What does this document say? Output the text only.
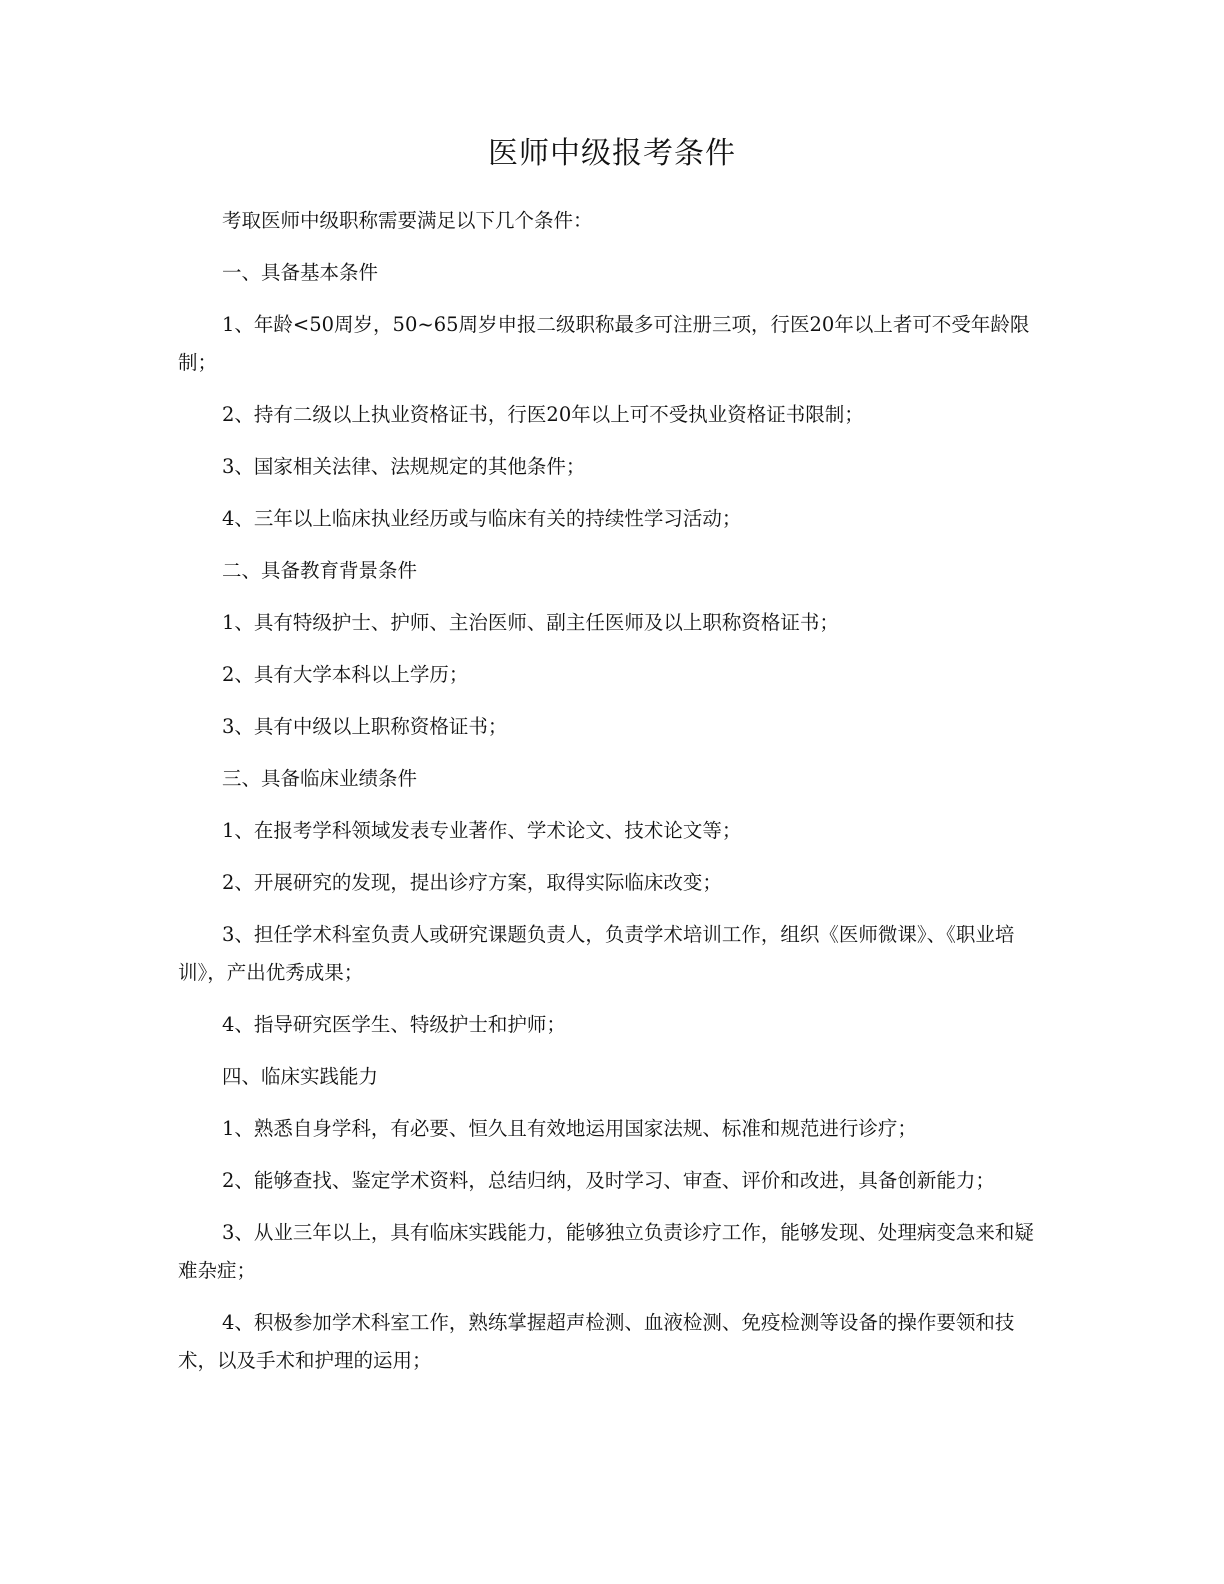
医师中级报考条件

考取医师中级职称需要满足以下几个条件：

一、具备基本条件

1、年龄<50周岁，50~65周岁申报二级职称最多可注册三项，行医20年以上者可不受年龄限制；

2、持有二级以上执业资格证书，行医20年以上可不受执业资格证书限制；

3、国家相关法律、法规规定的其他条件；

4、三年以上临床执业经历或与临床有关的持续性学习活动；

二、具备教育背景条件

1、具有特级护士、护师、主治医师、副主任医师及以上职称资格证书；

2、具有大学本科以上学历；

3、具有中级以上职称资格证书；

三、具备临床业绩条件

1、在报考学科领域发表专业著作、学术论文、技术论文等；

2、开展研究的发现，提出诊疗方案，取得实际临床改变；

3、担任学术科室负责人或研究课题负责人，负责学术培训工作，组织《医师微课》、《职业培训》，产出优秀成果；

4、指导研究医学生、特级护士和护师；

四、临床实践能力

1、熟悉自身学科，有必要、恒久且有效地运用国家法规、标准和规范进行诊疗；

2、能够查找、鉴定学术资料，总结归纳，及时学习、审查、评价和改进，具备创新能力；

3、从业三年以上，具有临床实践能力，能够独立负责诊疗工作，能够发现、处理病变急来和疑难杂症；

4、积极参加学术科室工作，熟练掌握超声检测、血液检测、免疫检测等设备的操作要领和技术，以及手术和护理的运用；
